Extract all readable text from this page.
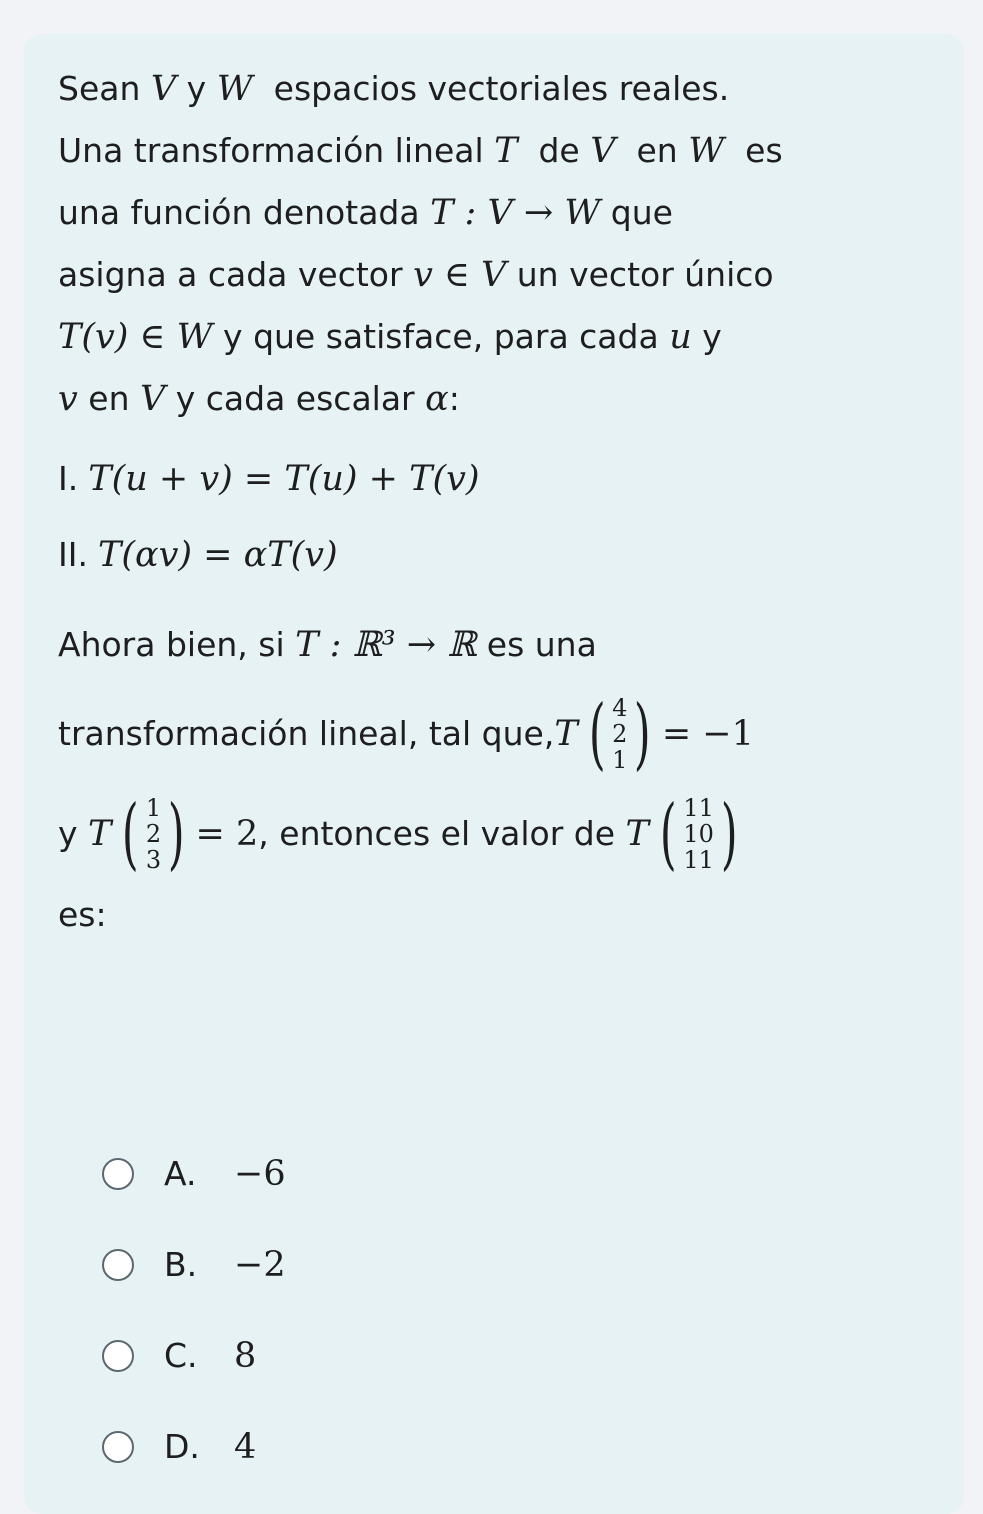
Sean V y W  espacios vectoriales reales.
Una transformación lineal T  de V  en W  es
una función denotada T : V → W que
asigna a cada vector v ∈ V un vector único
T(v) ∈ W y que satisface, para cada u y
v en V y cada escalar α:
I. T(u + v) = T(u) + T(v)
II. T(αv) = αT(v)
Ahora bien, si T : ℝ³ → ℝ es una
transformación lineal, tal que, T ( 4
2
1 ) = −1
y T ( 1
2
3 ) = 2 , entonces el valor de T ( 11
10
11 )
es:
A.	−6
B.	−2
C.	8
D. 4
